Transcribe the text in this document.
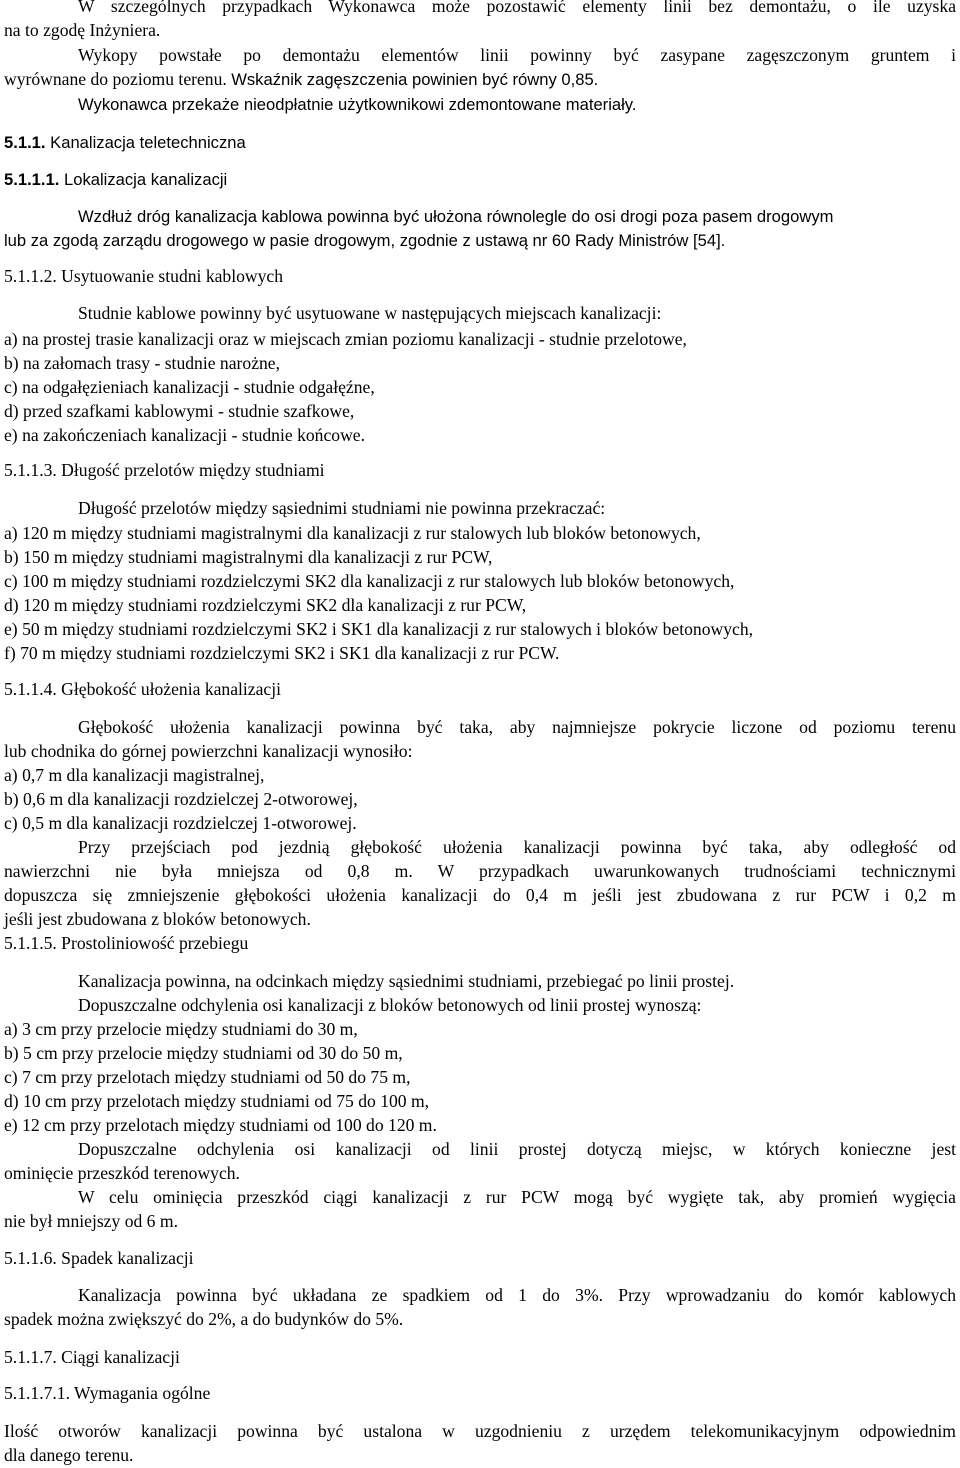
W szczególnych przypadkach Wykonawca może pozostawić elementy linii bez demontażu, o ile uzyska
na to zgodę Inżyniera.
Wykopy powstałe po demontażu elementów linii powinny być zasypane zagęszczonym gruntem i
wyrównane do poziomu terenu. Wskaźnik zagęszczenia powinien być równy 0,85.
Wykonawca przekaże nieodpłatnie użytkownikowi zdemontowane materiały.
5.1.1. Kanalizacja teletechniczna
5.1.1.1. Lokalizacja kanalizacji
Wzdłuż dróg kanalizacja kablowa powinna być ułożona równolegle do osi drogi poza pasem drogowym
lub za zgodą zarządu drogowego w pasie drogowym, zgodnie z ustawą nr 60 Rady Ministrów [54].
5.1.1.2. Usytuowanie studni kablowych
Studnie kablowe powinny być usytuowane w następujących miejscach kanalizacji:
a) na prostej trasie kanalizacji oraz w miejscach zmian poziomu kanalizacji - studnie przelotowe,
b) na załomach trasy - studnie narożne,
c) na odgałęzieniach kanalizacji - studnie odgałęźne,
d) przed szafkami kablowymi - studnie szafkowe,
e) na zakończeniach kanalizacji - studnie końcowe.
5.1.1.3. Długość przelotów między studniami
Długość przelotów między sąsiednimi studniami nie powinna przekraczać:
a) 120 m między studniami magistralnymi dla kanalizacji z rur stalowych lub bloków betonowych,
b) 150 m między studniami magistralnymi dla kanalizacji z rur PCW,
c) 100 m między studniami rozdzielczymi SK2 dla kanalizacji z rur stalowych lub bloków betonowych,
d) 120 m między studniami rozdzielczymi SK2 dla kanalizacji z rur PCW,
e) 50 m między studniami rozdzielczymi SK2 i SK1 dla kanalizacji z rur stalowych i bloków betonowych,
f) 70 m między studniami rozdzielczymi SK2 i SK1 dla kanalizacji z rur PCW.
5.1.1.4. Głębokość ułożenia kanalizacji
Głębokość ułożenia kanalizacji powinna być taka, aby najmniejsze pokrycie liczone od poziomu terenu
lub chodnika do górnej powierzchni kanalizacji wynosiło:
a) 0,7 m dla kanalizacji magistralnej,
b) 0,6 m dla kanalizacji rozdzielczej 2-otworowej,
c) 0,5 m dla kanalizacji rozdzielczej 1-otworowej.
Przy przejściach pod jezdnią głębokość ułożenia kanalizacji powinna być taka, aby odległość od
nawierzchni nie była mniejsza od 0,8 m. W przypadkach uwarunkowanych trudnościami technicznymi
dopuszcza się zmniejszenie głębokości ułożenia kanalizacji do 0,4 m jeśli jest zbudowana z rur PCW i 0,2 m
jeśli jest zbudowana z bloków betonowych.
5.1.1.5. Prostoliniowość przebiegu
Kanalizacja powinna, na odcinkach między sąsiednimi studniami, przebiegać po linii prostej.
Dopuszczalne odchylenia osi kanalizacji z bloków betonowych od linii prostej wynoszą:
a) 3 cm przy przelocie między studniami do 30 m,
b) 5 cm przy przelocie między studniami od 30 do 50 m,
c) 7 cm przy przelotach między studniami od 50 do 75 m,
d) 10 cm przy przelotach między studniami od 75 do 100 m,
e) 12 cm przy przelotach między studniami od 100 do 120 m.
Dopuszczalne odchylenia osi kanalizacji od linii prostej dotyczą miejsc, w których konieczne jest
ominięcie przeszkód terenowych.
W celu ominięcia przeszkód ciągi kanalizacji z rur PCW mogą być wygięte tak, aby promień wygięcia
nie był mniejszy od 6 m.
5.1.1.6. Spadek kanalizacji
Kanalizacja powinna być układana ze spadkiem od 1 do 3%. Przy wprowadzaniu do komór kablowych
spadek można zwiększyć do 2%, a do budynków do 5%.
5.1.1.7. Ciągi kanalizacji
5.1.1.7.1. Wymagania ogólne
Ilość otworów kanalizacji powinna być ustalona w uzgodnieniu z urzędem telekomunikacyjnym odpowiednim
dla danego terenu.
